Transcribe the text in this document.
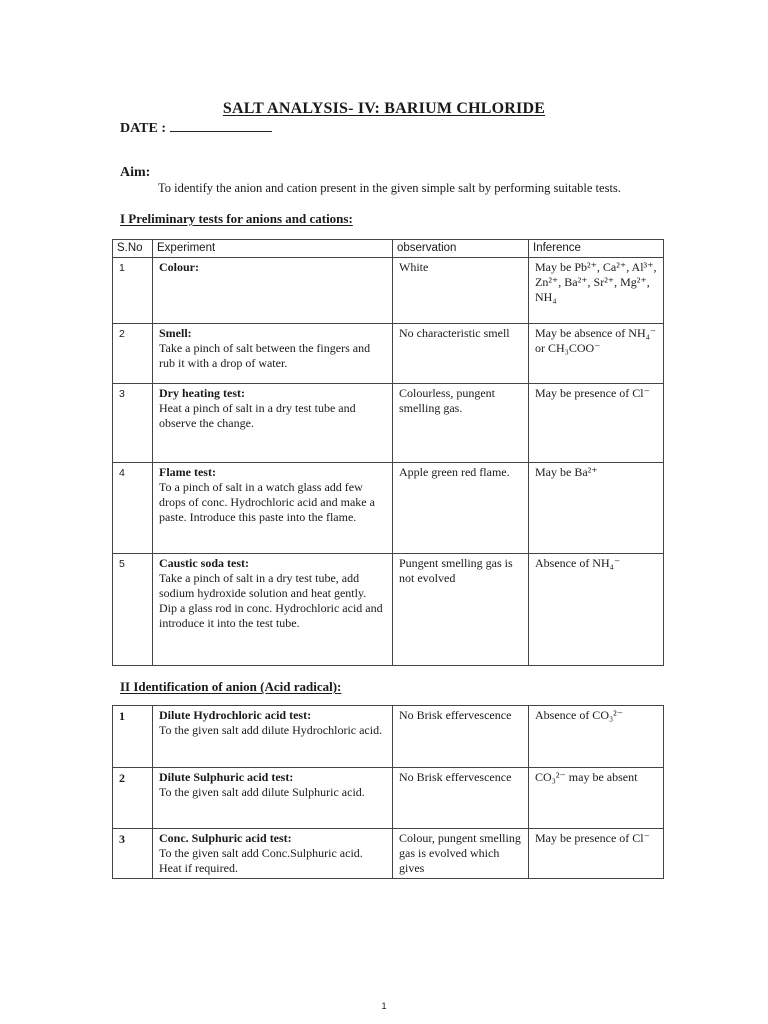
SALT ANALYSIS- IV: BARIUM CHLORIDE
DATE :
Aim:
To identify the anion and cation present in the given simple salt by performing suitable tests.
I Preliminary tests for anions and cations:
S.No	Experiment	observation	Inference
1	Colour:	White	May be Pb²⁺, Ca²⁺, Al³⁺, Zn²⁺, Ba²⁺, Sr²⁺, Mg²⁺, NH₄
2	Smell:
Take a pinch of salt between the fingers and rub it with a drop of water.	No characteristic smell	May be absence of NH₄⁻ or CH₃COO⁻
3	Dry heating test:
Heat a pinch of salt in a dry test tube and observe the change.	Colourless, pungent smelling gas.	May be presence of Cl⁻
4	Flame test:
To a pinch of salt in a watch glass add few drops of conc. Hydrochloric acid and make a paste. Introduce this paste into the flame.	Apple green red flame.	May be Ba²⁺
5	Caustic soda test:
Take a pinch of salt in a dry test tube, add sodium hydroxide solution and heat gently. Dip a glass rod in conc. Hydrochloric acid and introduce it into the test tube.	Pungent smelling gas is not evolved	Absence of NH₄⁻
II Identification of anion (Acid radical):
1	Dilute Hydrochloric acid test:
To the given salt add dilute Hydrochloric acid.	No Brisk effervescence	Absence of CO₃²⁻
2	Dilute Sulphuric acid test:
To the given salt add dilute Sulphuric acid.	No Brisk effervescence	CO₃²⁻ may be absent
3	Conc. Sulphuric acid test:
To the given salt add Conc.Sulphuric acid. Heat if required.	Colour, pungent smelling gas is evolved which gives	May be presence of Cl⁻
1
